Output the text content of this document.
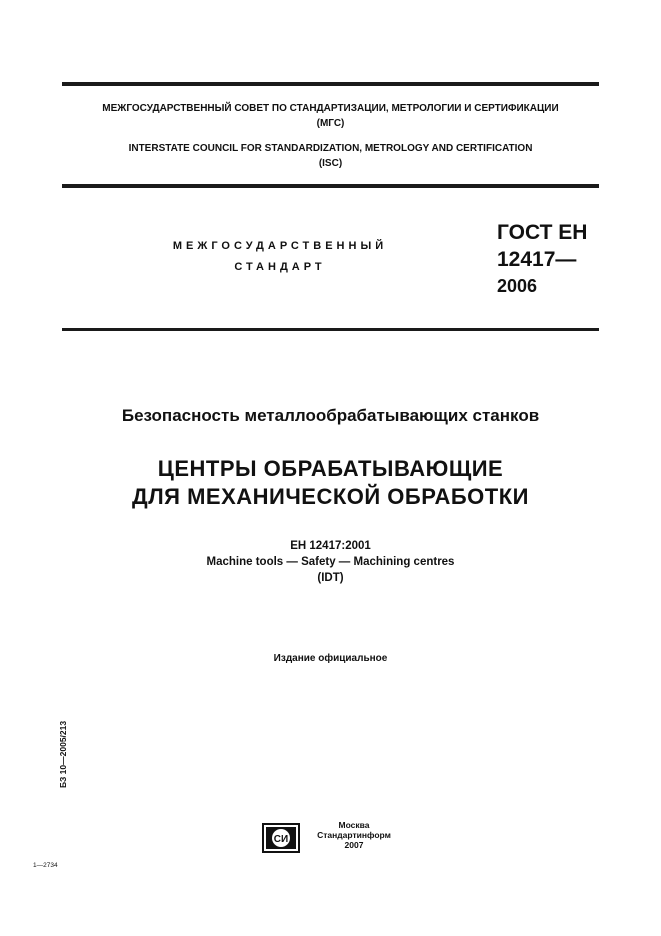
МЕЖГОСУДАРСТВЕННЫЙ СОВЕТ ПО СТАНДАРТИЗАЦИИ, МЕТРОЛОГИИ И СЕРТИФИКАЦИИ
(МГС)
INTERSTATE COUNCIL FOR STANDARDIZATION, METROLOGY AND CERTIFICATION
(ISC)
МЕЖГОСУДАРСТВЕННЫЙ
СТАНДАРТ
ГОСТ ЕН
12417—
2006
Безопасность металлообрабатывающих станков
ЦЕНТРЫ ОБРАБАТЫВАЮЩИЕ
ДЛЯ МЕХАНИЧЕСКОЙ ОБРАБОТКИ
ЕН 12417:2001
Machine tools — Safety — Machining centres
(IDT)
Издание официальное
БЗ 10—2005/213
СИ
Москва
Стандартинформ
2007
1—2734
